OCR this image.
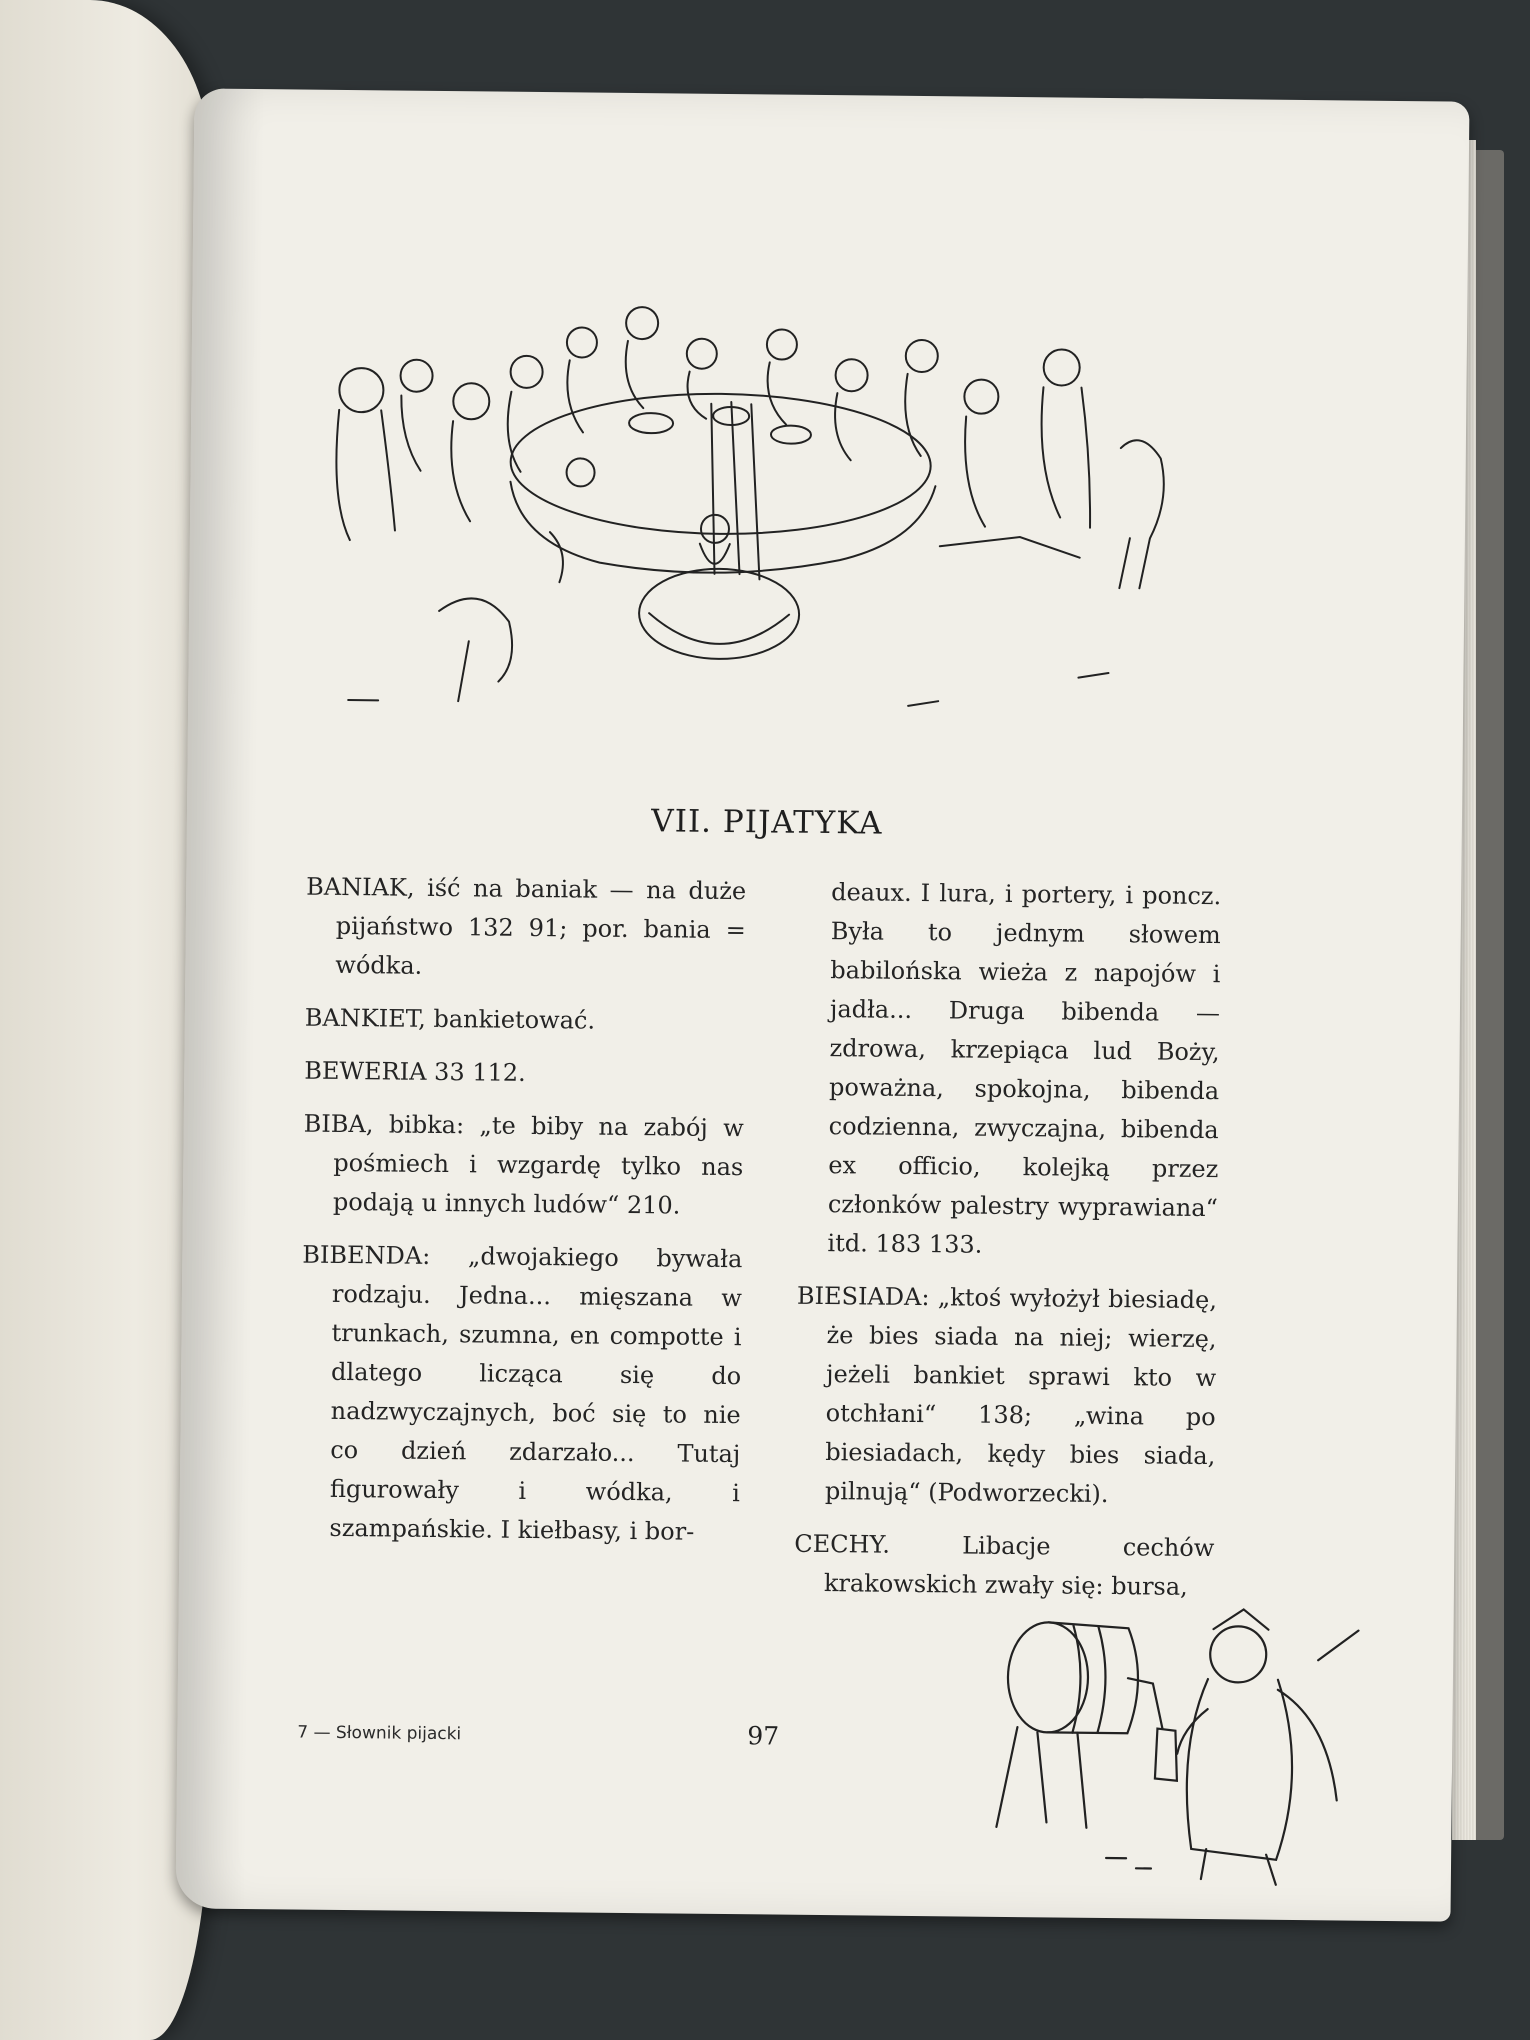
VII. PIJATYKA

BANIAK, iść na baniak — na duże pijaństwo 132 91; por. bania = wódka.

BANKIET, bankietować.

BEWERIA 33 112.

BIBA, bibka: „te biby na zabój w pośmiech i wzgardę tylko nas podają u innych ludów“ 210.

BIBENDA: „dwojakiego bywała rodzaju. Jedna... mięszana w trunkach, szumna, en compotte i dlatego licząca się do nadzwyczajnych, boć się to nie co dzień zdarzało... Tutaj figurowały i wódka, i szampańskie. I kiełbasy, i bor-

deaux. I lura, i portery, i poncz. Była to jednym słowem babilońska wieża z napojów i jadła... Druga bibenda — zdrowa, krzepiąca lud Boży, poważna, spokojna, bibenda codzienna, zwyczajna, bibenda ex officio, kolejką przez członków palestry wyprawiana“ itd. 183 133.

BIESIADA: „ktoś wyłożył biesiadę, że bies siada na niej; wierzę, jeżeli bankiet sprawi kto w otchłani“ 138; „wina po biesiadach, kędy bies siada, pilnują“ (Podworzecki).

CECHY. Libacje cechów krakowskich zwały się: bursa,

7 — Słownik pijacki	97
